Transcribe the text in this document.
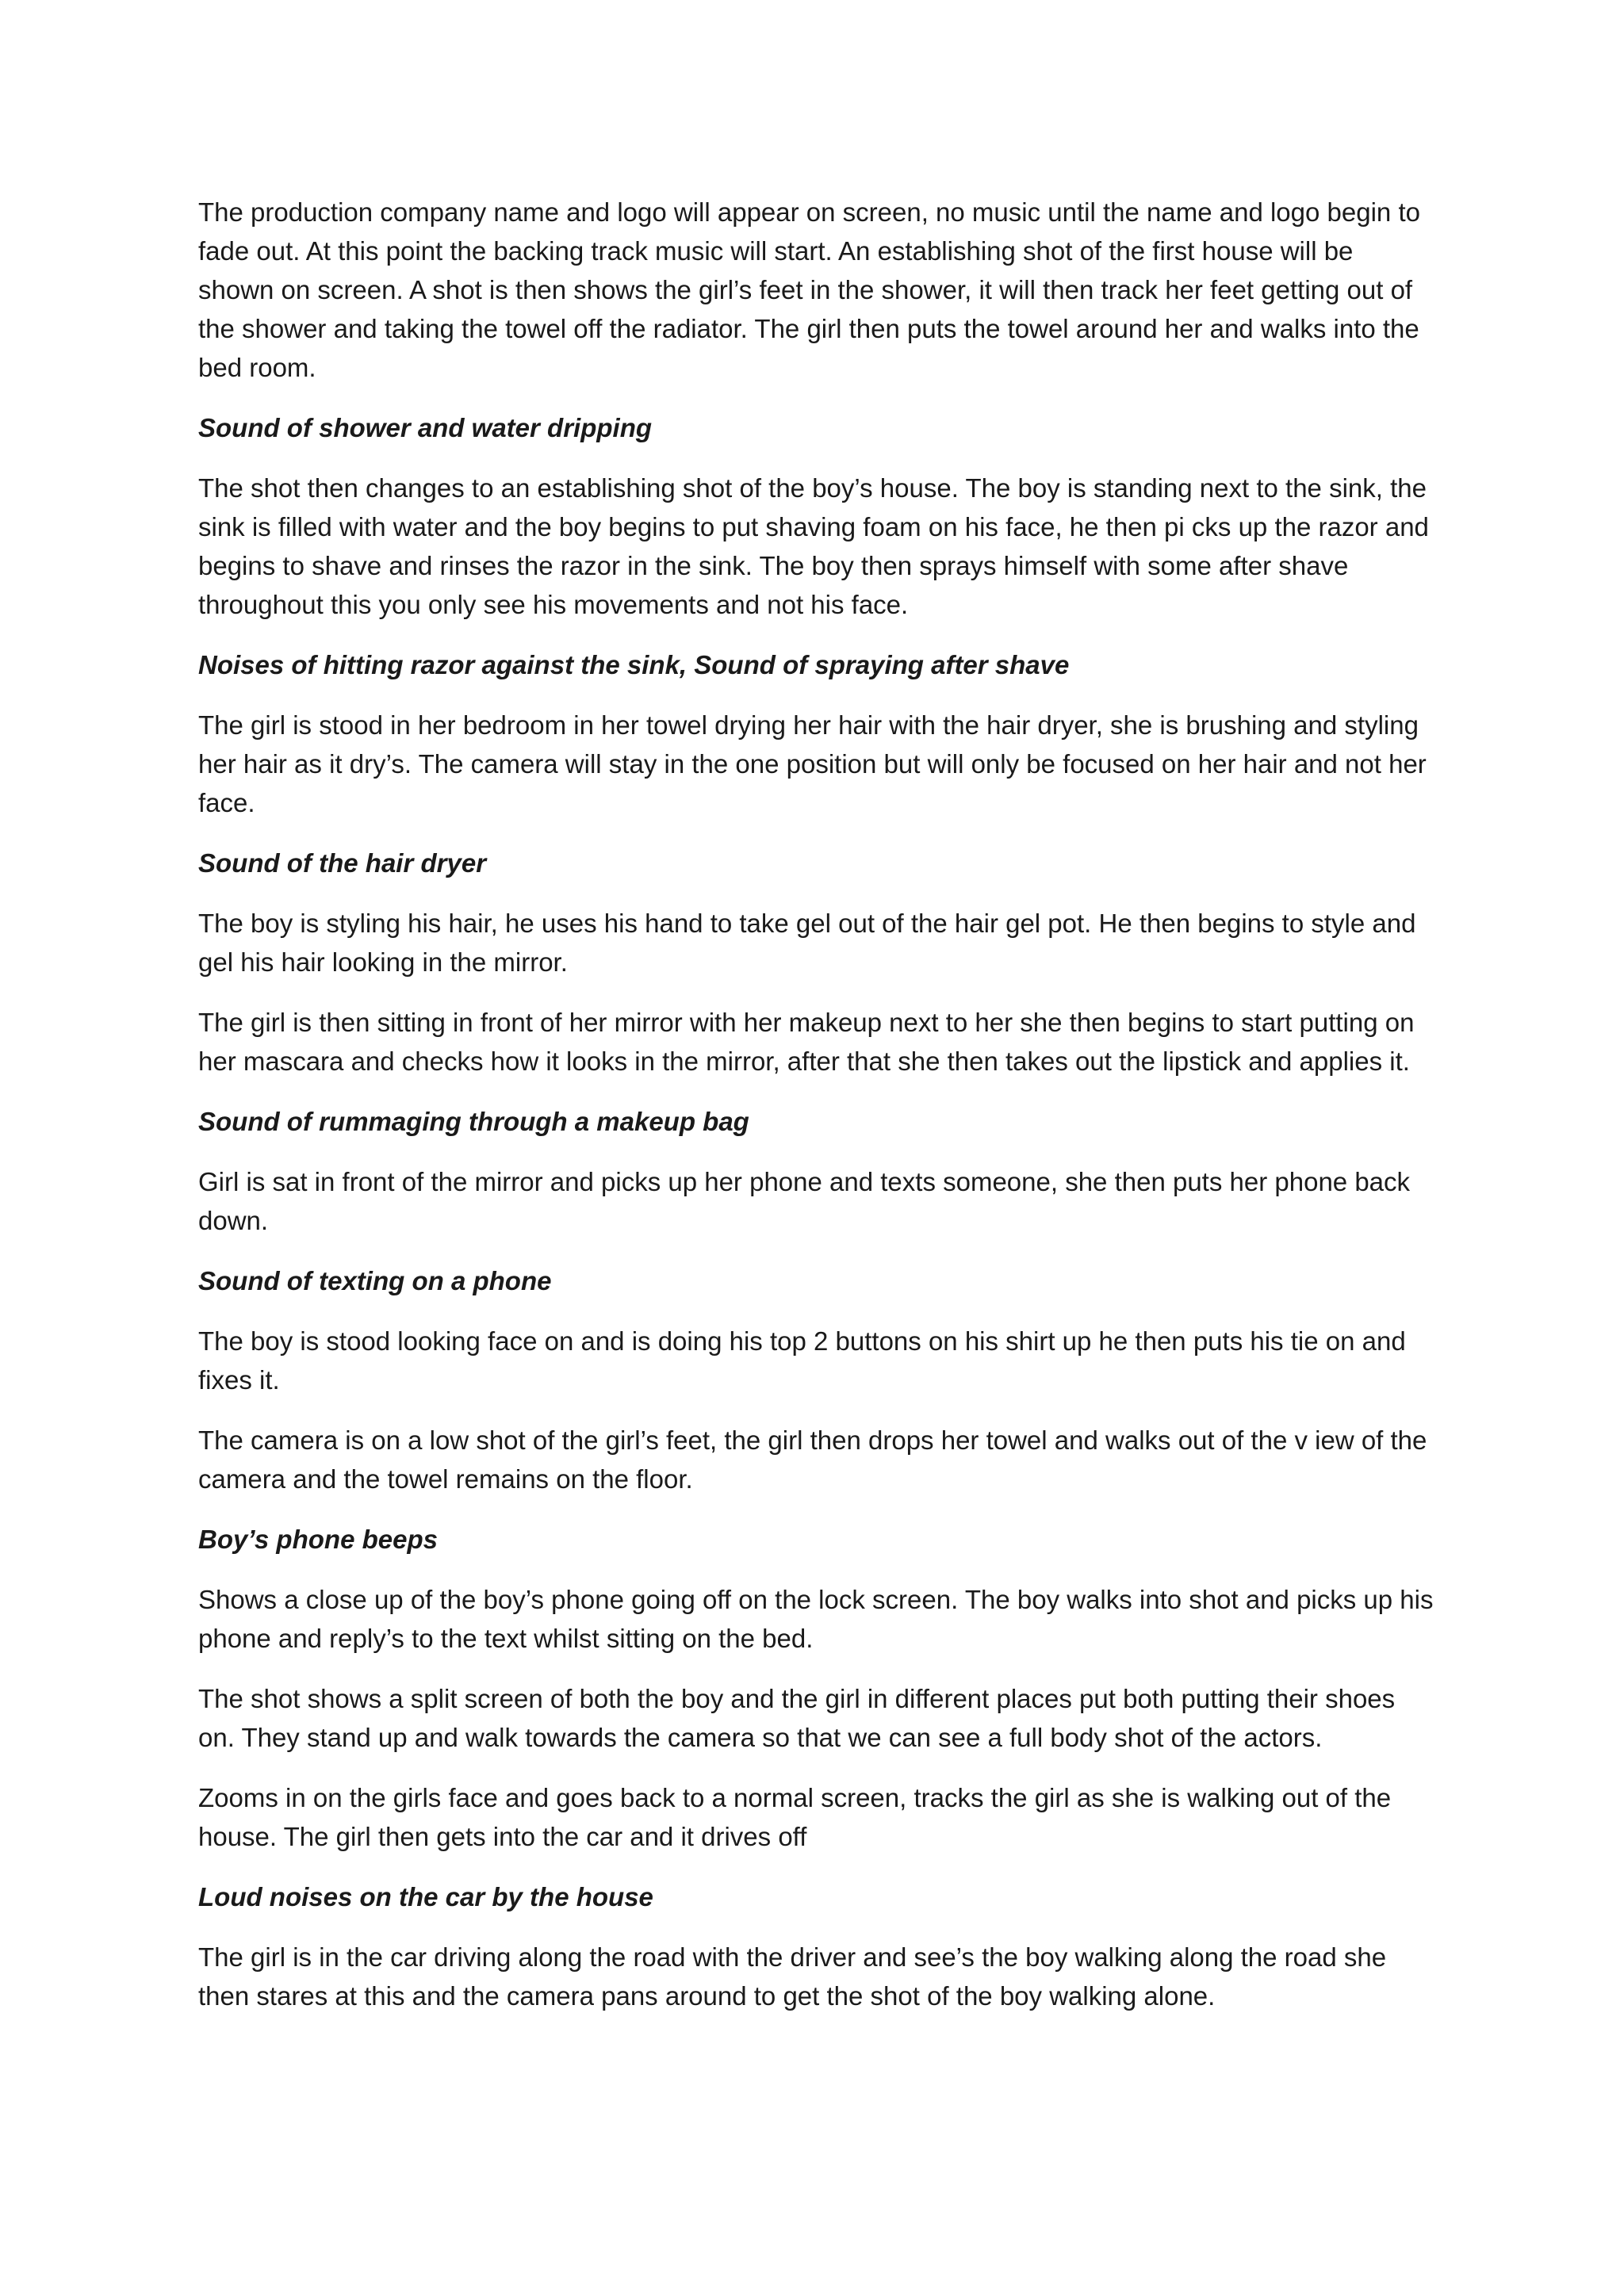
The production company name and logo will appear on screen, no music until the name and logo begin to fade out. At this point the backing track music will start. An establishing shot of the first house will be shown on screen. A shot is then shows the girl’s feet in the shower, it will then track her feet getting out of the shower and taking the towel off the radiator. The girl then puts the towel around her and walks into the bed room.

Sound of shower and water dripping

The shot then changes to an establishing shot of the boy’s house. The boy is standing next to the sink, the sink is filled with water and the boy begins to put shaving foam on his face, he then pi cks up the razor and begins to shave and rinses the razor in the sink. The boy then sprays himself with some after shave throughout this you only see his movements and not his face.

Noises of hitting razor against the sink, Sound of spraying after shave

The girl is stood in her bedroom in her towel drying her hair with the hair dryer, she is brushing and styling her hair as it dry’s. The camera will stay in the one position but will only be focused on her hair and not her face.

Sound of the hair dryer

The boy is styling his hair, he uses his hand to take gel out of the hair gel pot. He then begins to style and gel his hair looking in the mirror.

The girl is then sitting in front of her mirror with her makeup next to her she then begins to start putting on her mascara and checks how it looks in the mirror, after that she then takes out the lipstick and applies it.

Sound of rummaging through a makeup bag

Girl is sat in front of the mirror and picks up her phone and texts someone, she then puts her phone back down.

Sound of texting on a phone

The boy is stood looking face on and is doing his top 2 buttons on his shirt up he then puts his tie on and fixes it.

The camera is on a low shot of the girl’s feet, the girl then drops her towel and walks out of the v iew of the camera and the towel remains on the floor.

Boy’s phone beeps

Shows a close up of the boy’s phone going off on the lock screen. The boy walks into shot and picks up his phone and reply’s to the text whilst sitting on the bed.

The shot shows a split screen of both the boy and the girl in different places put both putting their shoes on. They stand up and walk towards the camera so that we can see a full body shot of the actors.

Zooms in on the girls face and goes back to a normal screen, tracks the girl as she is walking out of the house. The girl then gets into the car and it drives off

Loud noises on the car by the house

The girl is in the car driving along the road with the driver and see’s the boy walking along the road she then stares at this and the camera pans around to get the shot of the boy walking alone.
